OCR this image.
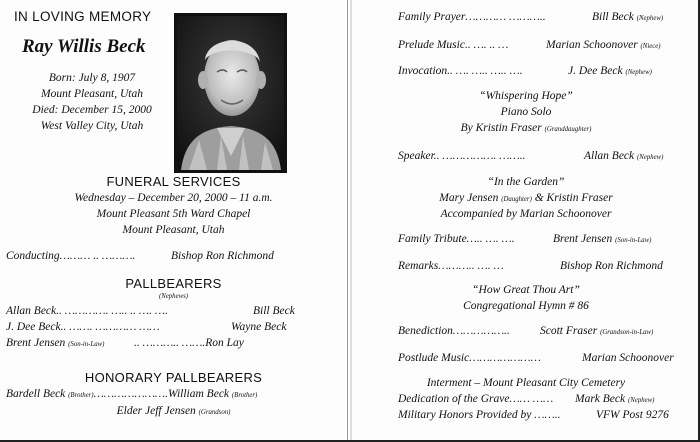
IN LOVING MEMORY
Ray Willis Beck
Born: July 8, 1907
Mount Pleasant, Utah
Died: December 15, 2000
West Valley City, Utah
FUNERAL SERVICES
Wednesday – December 20, 2000 – 11 a.m.
Mount Pleasant 5th Ward Chapel
Mount Pleasant, Utah
Conducting……… .. ……….	Bishop Ron Richmond
PALLBEARERS
(Nephews)
Allan Beck.. …………. ….. .. …. ….	Bill Beck
J. Dee Beck.. ……. ………… ……	Wayne Beck
Brent Jensen (Son-in-Law)	.. ……….. …….Ron Lay
HONORARY PALLBEARERS
Bardell Beck (Brother)………………….William Beck (Brother)
Elder Jeff Jensen (Grandson)
Family Prayer………… ………..	Bill Beck (Nephew)
Prelude Music.. …. .. …	Marian Schoonover (Niece)
Invocation.. …. ….. ….. ….	J. Dee Beck (Nephew)
“Whispering Hope”
Piano Solo
By Kristin Fraser (Granddaughter)
Speaker.. ……………. ……..	Allan Beck (Nephew)
“In the Garden”
Mary Jensen (Daughter) & Kristin Fraser
Accompanied by Marian Schoonover
Family Tribute….. …. ….	Brent Jensen (Son-in-Law)
Remarks……….. …. …	Bishop Ron Richmond
“How Great Thou Art”
Congregational Hymn # 86
Benediction……………..	Scott Fraser (Grandson-in-Law)
Postlude Music…………………	Marian Schoonover
Interment – Mount Pleasant City Cemetery
Dedication of the Grave…… …… Mark Beck (Nephew)
Military Honors Provided by ……..	VFW Post 9276
